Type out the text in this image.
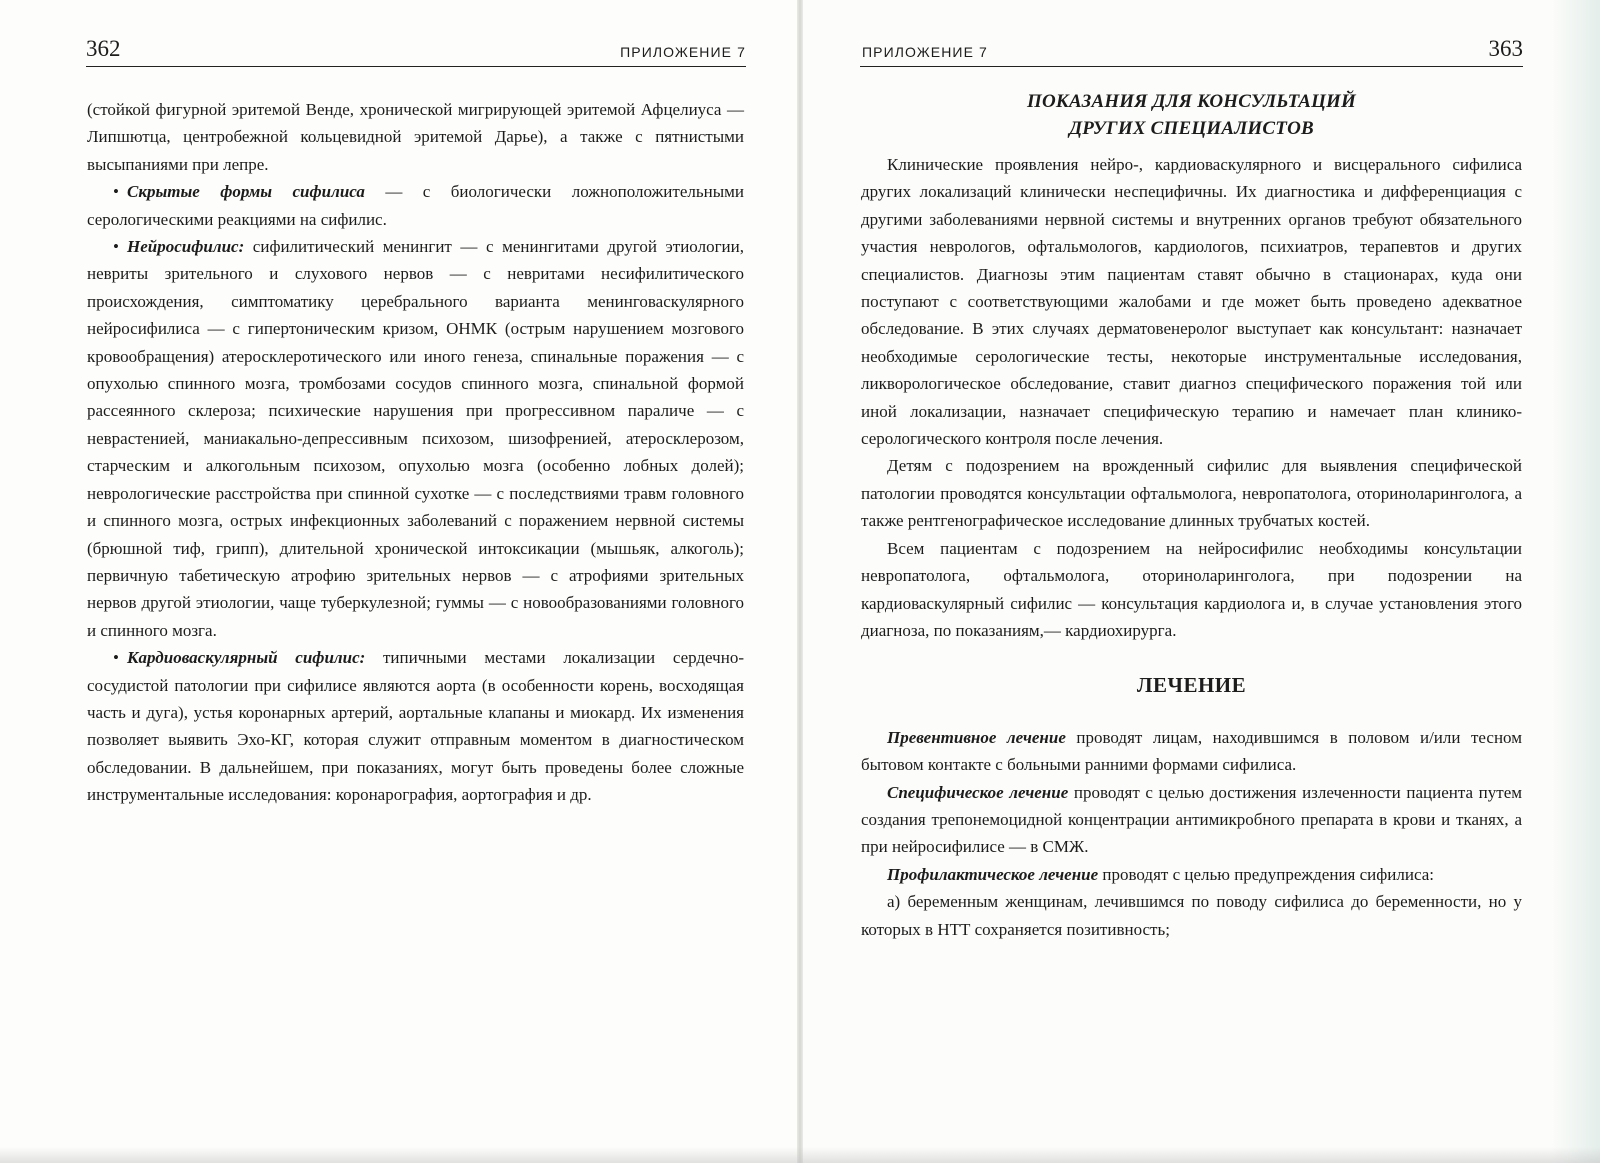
362	ПРИЛОЖЕНИЕ 7

(стойкой фигурной эритемой Венде, хронической мигрирующей эритемой Афцелиуса — Липшютца, центробежной кольцевидной эритемой Дарье), а также с пятнистыми высыпаниями при лепре.

• Скрытые формы сифилиса — с биологически ложноположительными серологическими реакциями на сифилис.

• Нейросифилис: сифилитический менингит — с менингитами другой этиологии, невриты зрительного и слухового нервов — с невритами несифилитического происхождения, симптоматику церебрального варианта менинговаскулярного нейросифилиса — с гипертоническим кризом, ОНМК (острым нарушением мозгового кровообращения) атеросклеротического или иного генеза, спинальные поражения — с опухолью спинного мозга, тромбозами сосудов спинного мозга, спинальной формой рассеянного склероза; психические нарушения при прогрессивном параличе — с неврастенией, маниакально-депрессивным психозом, шизофренией, атеросклерозом, старческим и алкогольным психозом, опухолью мозга (особенно лобных долей); неврологические расстройства при спинной сухотке — с последствиями травм головного и спинного мозга, острых инфекционных заболеваний с поражением нервной системы (брюшной тиф, грипп), длительной хронической интоксикации (мышьяк, алкоголь); первичную табетическую атрофию зрительных нервов — с атрофиями зрительных нервов другой этиологии, чаще туберкулезной; гуммы — с новообразованиями головного и спинного мозга.

• Кардиоваскулярный сифилис: типичными местами локализации сердечно-сосудистой патологии при сифилисе являются аорта (в особенности корень, восходящая часть и дуга), устья коронарных артерий, аортальные клапаны и миокард. Их изменения позволяет выявить Эхо-КГ, которая служит отправным моментом в диагностическом обследовании. В дальнейшем, при показаниях, могут быть проведены более сложные инструментальные исследования: коронарография, аортография и др.

ПРИЛОЖЕНИЕ 7	363
ПОКАЗАНИЯ ДЛЯ КОНСУЛЬТАЦИЙ
ДРУГИХ СПЕЦИАЛИСТОВ

Клинические проявления нейро-, кардиоваскулярного и висцерального сифилиса других локализаций клинически неспецифичны. Их диагностика и дифференциация с другими заболеваниями нервной системы и внутренних органов требуют обязательного участия неврологов, офтальмологов, кардиологов, психиатров, терапевтов и других специалистов. Диагнозы этим пациентам ставят обычно в стационарах, куда они поступают с соответствующими жалобами и где может быть проведено адекватное обследование. В этих случаях дерматовенеролог выступает как консультант: назначает необходимые серологические тесты, некоторые инструментальные исследования, ликворологическое обследование, ставит диагноз специфического поражения той или иной локализации, назначает специфическую терапию и намечает план клинико-серологического контроля после лечения.

Детям с подозрением на врожденный сифилис для выявления специфической патологии проводятся консультации офтальмолога, невропатолога, оториноларинголога, а также рентгенографическое исследование длинных трубчатых костей.

Всем пациентам с подозрением на нейросифилис необходимы консультации невропатолога, офтальмолога, оториноларинголога, при подозрении на кардиоваскулярный сифилис — консультация кардиолога и, в случае установления этого диагноза, по показаниям,— кардиохирурга.

ЛЕЧЕНИЕ

Превентивное лечение проводят лицам, находившимся в половом и/или тесном бытовом контакте с больными ранними формами сифилиса.

Специфическое лечение проводят с целью достижения излеченности пациента путем создания трепонемоцидной концентрации антимикробного препарата в крови и тканях, а при нейросифилисе — в СМЖ.

Профилактическое лечение проводят с целью предупреждения сифилиса:

а) беременным женщинам, лечившимся по поводу сифилиса до беременности, но у которых в НТТ сохраняется позитивность;
